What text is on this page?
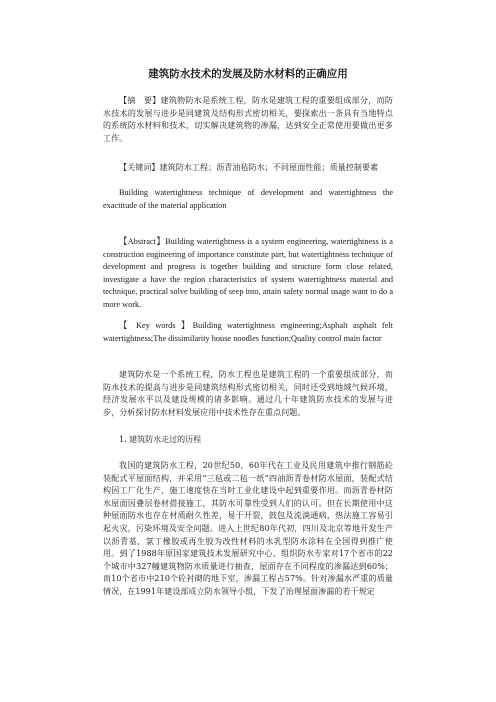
建筑防水技术的发展及防水材料的正确应用

【摘　要】建筑物防水是系统工程，防水是建筑工程的重要组成部分，而防水技术的发展与进步是同建筑及结构形式密切相关，要探索出一条具有当地特点的系统防水材料和技术，切实解决建筑物的渗漏，达到安全正常使用要做出更多工作。

【关键词】建筑防水工程；沥青油毡防水；不同屋面性能；质量控制要素

Building watertightness technique of development and watertightness the exactitude of the material application

【Abstract】Building watertightness is a system engineering, watertightness is a construction engineering of importance constitute part, but watertightness technique of development and progress is together building and structure form close related, investigate a have the region characteristics of system watertightness material and technique, practical solve building of seep into, attain safety normal usage want to do a more work.

【 Key words 】Building watertightness engineering;Asphalt asphalt felt watertightness;The dissimilarity house noodles function;Quality control main factor

建筑防水是一个系统工程，防水工程也是建筑工程的一个重要组成部分，而防水技术的提高与进步是同建筑结构形式密切相关，同时还受到地域气候环境，经济发展水平以及建设规模的诸多影响。通过几十年建筑防水技术的发展与进步，分析探讨防水材料发展应用中技术性存在重点问题。

1. 建筑防水走过的历程

我国的建筑防水工程，20世纪50，60年代在工业及民用建筑中推行钢筋砼装配式平屋面结构，并采用“三毡或二毡一纸”四油沥青卷材防水屋面，装配式结构因工厂化生产，施工速度快在当时工业化建设中起到重要作用。而沥青卷材防水屋面因叠层卷材搭接施工，其防水可靠性受到人们的认可。但在长期使用中这种屋面防水也存在材质耐久性差，易于开裂，鼓包及流淌通病，热法施工容易引起火灾，污染环境及安全问题。进入上世纪80年代初，四川及北京等地开发生产以沥青基，氯丁橡胶或再生胶为改性材料的水乳型防水涂料在全国得到推广使用。到了1988年原国家建筑技术发展研究中心，组织防水专家对17个省市的22个城市中327幢建筑物防水质量进行抽查，屋面存在不同程度的渗漏达到60%；而10个省市中210个砼衬砌的地下室，渗漏工程占57%。针对渗漏水严重的质量情况，在1991年建设部成立防水领导小组，下发了治理屋面渗漏的若干规定
